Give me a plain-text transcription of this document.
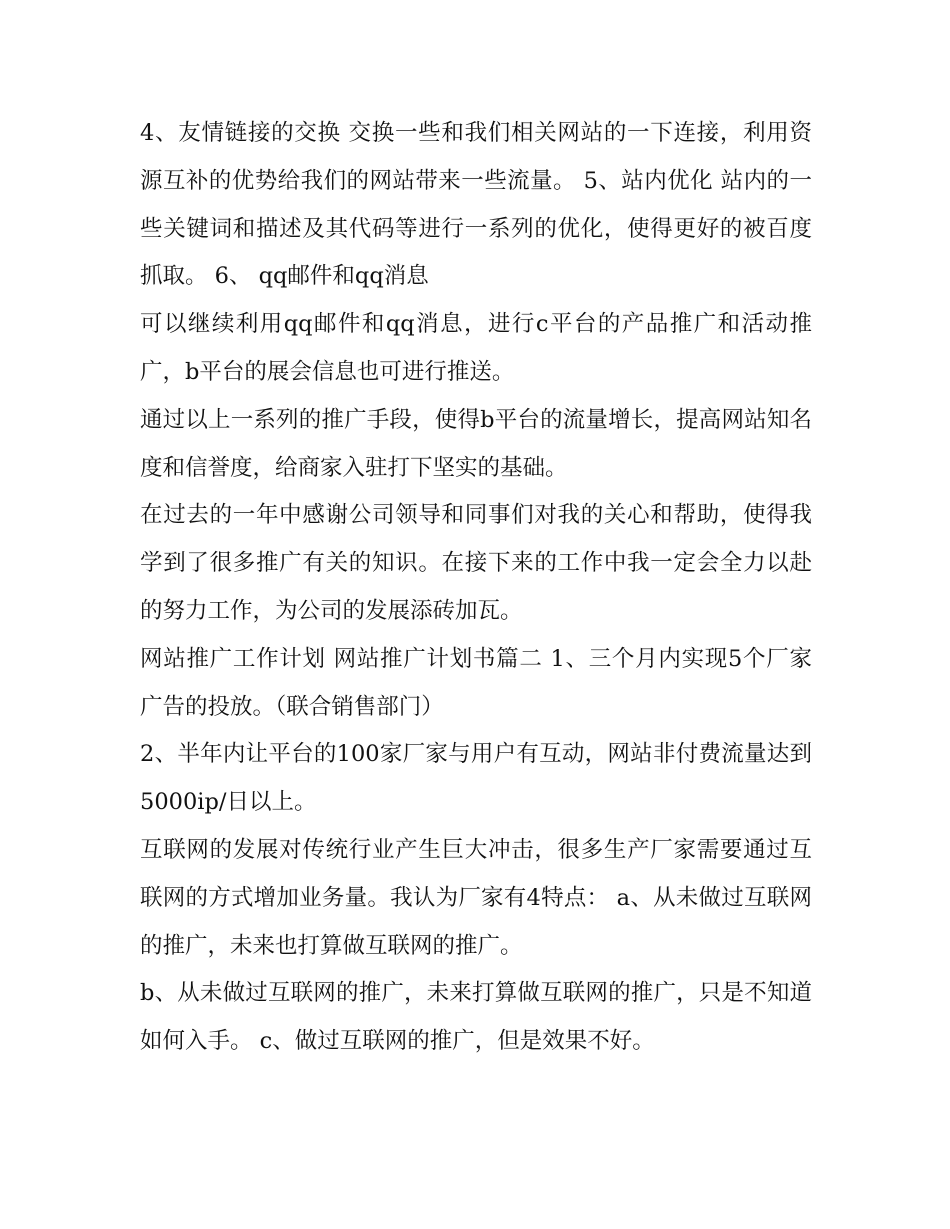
4、友情链接的交换 交换一些和我们相关网站的一下连接，利用资源互补的优势给我们的网站带来一些流量。 5、站内优化 站内的一些关键词和描述及其代码等进行一系列的优化，使得更好的被百度抓取。 6、 qq邮件和qq消息

可以继续利用qq邮件和qq消息，进行c平台的产品推广和活动推广，b平台的展会信息也可进行推送。

通过以上一系列的推广手段，使得b平台的流量增长，提高网站知名度和信誉度，给商家入驻打下坚实的基础。

在过去的一年中感谢公司领导和同事们对我的关心和帮助，使得我学到了很多推广有关的知识。在接下来的工作中我一定会全力以赴的努力工作，为公司的发展添砖加瓦。

网站推广工作计划 网站推广计划书篇二 1、三个月内实现5个厂家广告的投放。（联合销售部门）

2、半年内让平台的100家厂家与用户有互动，网站非付费流量达到5000ip/日以上。

互联网的发展对传统行业产生巨大冲击，很多生产厂家需要通过互联网的方式增加业务量。我认为厂家有4特点： a、从未做过互联网的推广，未来也打算做互联网的推广。

b、从未做过互联网的推广，未来打算做互联网的推广，只是不知道如何入手。 c、做过互联网的推广，但是效果不好。
